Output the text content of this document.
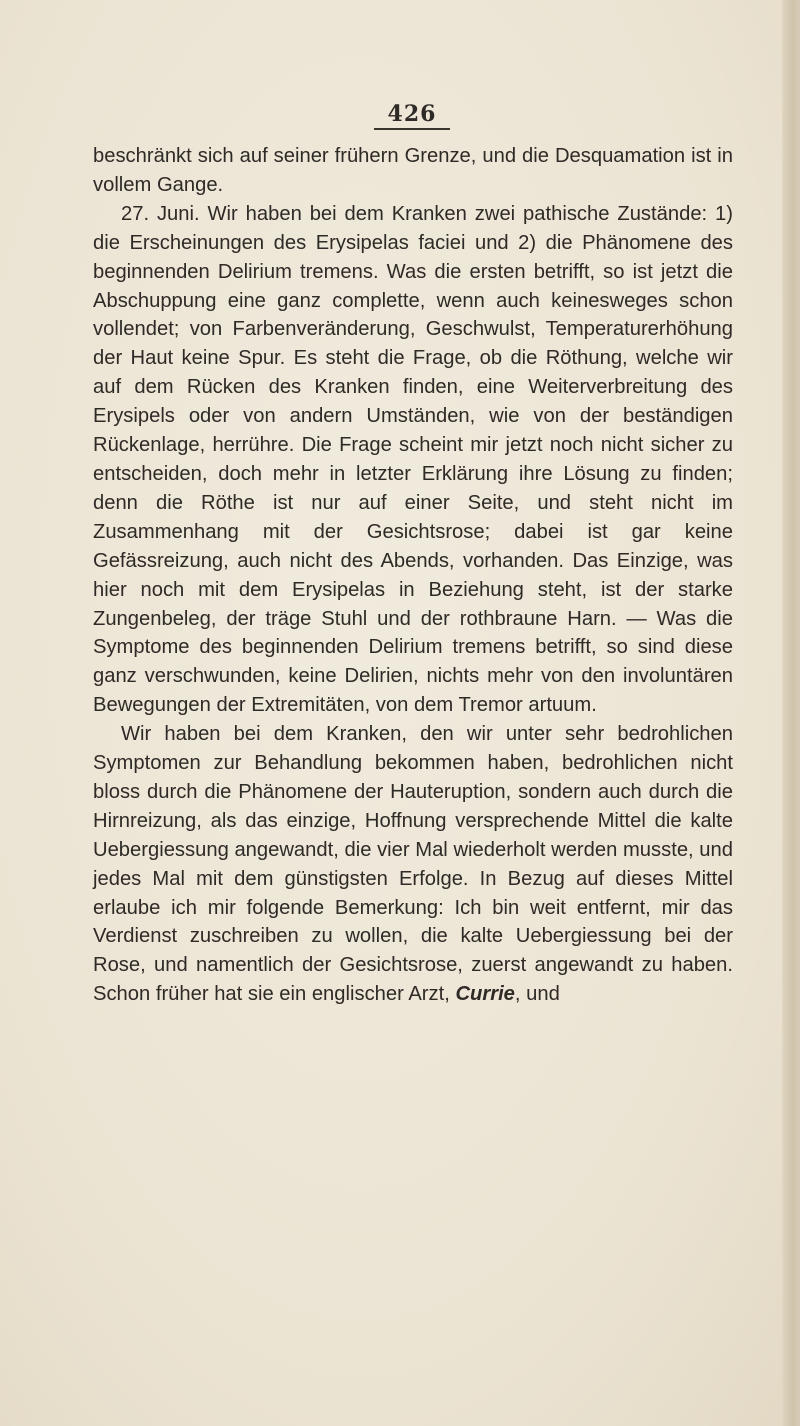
426

beschränkt sich auf seiner frühern Grenze, und die Desquamation ist in vollem Gange.

27. Juni. Wir haben bei dem Kranken zwei pathische Zustände: 1) die Erscheinungen des Erysipelas faciei und 2) die Phänomene des beginnenden Delirium tremens. Was die ersten betrifft, so ist jetzt die Abschuppung eine ganz complette, wenn auch keinesweges schon vollendet; von Farbenveränderung, Geschwulst, Temperaturerhöhung der Haut keine Spur. Es steht die Frage, ob die Röthung, welche wir auf dem Rücken des Kranken finden, eine Weiterverbreitung des Erysipels oder von andern Umständen, wie von der beständigen Rückenlage, herrühre. Die Frage scheint mir jetzt noch nicht sicher zu entscheiden, doch mehr in letzter Erklärung ihre Lösung zu finden; denn die Röthe ist nur auf einer Seite, und steht nicht im Zusammenhang mit der Gesichtsrose; dabei ist gar keine Gefässreizung, auch nicht des Abends, vorhanden. Das Einzige, was hier noch mit dem Erysipelas in Beziehung steht, ist der starke Zungenbeleg, der träge Stuhl und der rothbraune Harn. — Was die Symptome des beginnenden Delirium tremens betrifft, so sind diese ganz verschwunden, keine Delirien, nichts mehr von den involuntären Bewegungen der Extremitäten, von dem Tremor artuum.

Wir haben bei dem Kranken, den wir unter sehr bedrohlichen Symptomen zur Behandlung bekommen haben, bedrohlichen nicht bloss durch die Phänomene der Hauteruption, sondern auch durch die Hirnreizung, als das einzige, Hoffnung versprechende Mittel die kalte Uebergiessung angewandt, die vier Mal wiederholt werden musste, und jedes Mal mit dem günstigsten Erfolge. In Bezug auf dieses Mittel erlaube ich mir folgende Bemerkung: Ich bin weit entfernt, mir das Verdienst zuschreiben zu wollen, die kalte Uebergiessung bei der Rose, und namentlich der Gesichtsrose, zuerst angewandt zu haben. Schon früher hat sie ein englischer Arzt, Currie, und
